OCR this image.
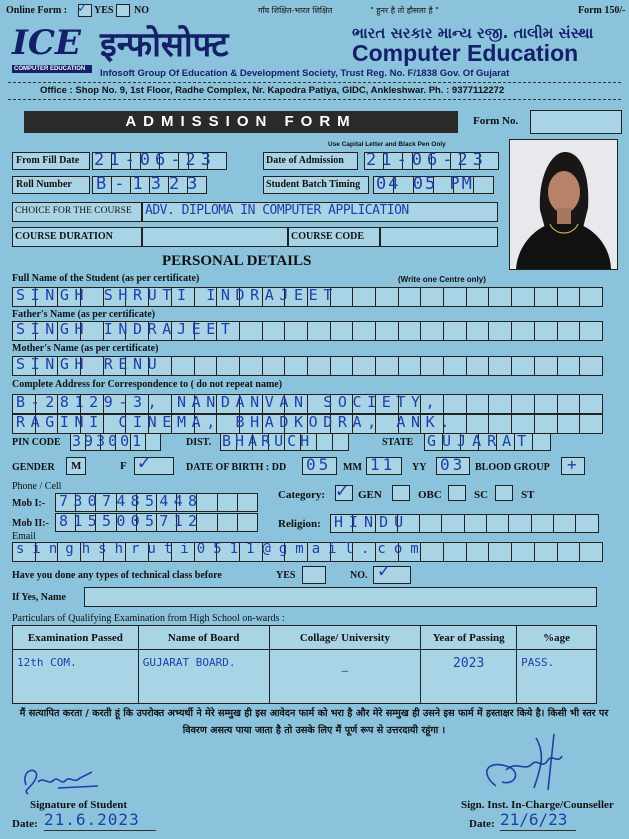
Online Form : ✓ YES NO	गाँव शिक्षित-भारत शिक्षित	" हुनर है तो हौसला है "	Form 150/-
ICE
COMPUTER EDUCATION
इन्फोसोफ्ट	ભારત સરકાર માન્ય રજી. તાલીમ સંસ્થા
Computer Education
Infosoft Group Of Education & Development Society, Trust Reg. No. F/1838 Gov. Of Gujarat
Office : Shop No. 9, 1st Floor, Radhe Complex, Nr. Kapodra Patiya, GIDC, Ankleshwar. Ph. : 9377112272
ADMISSION FORM	Form No.
Use Capital Letter and Black Pen Only
From Fill Date 21-06-23	Date of Admission 21-06-23
Roll Number B-1323	Student Batch Timing 04 05 PM
CHOICE FOR THE COURSE ADV. DIPLOMA IN COMPUTER APPLICATION
COURSE DURATION	COURSE CODE
PERSONAL DETAILS
Full Name of the Student (as per certificate)	(Write one Centre only)
SINGH SHRUTI INDRAJEET
Father's Name (as per certificate)
SINGH INDRAJEET
Mother's Name (as per certificate)
SINGH RENU
Complete Address for Correspondence to ( do not repeat name)
B-28129-3, NANDANVAN SOCIETY,
RAGINI CINEMA, BHADKODRA, ANK.
PIN CODE 393001	DIST. BHARUCH	STATE GUJARAT
GENDER M	F ✓	DATE OF BIRTH : DD 05 MM 11 YY 03 BLOOD GROUP +
Phone / Cell
Mob I:- 7307485448
Mob II:- 8155005712
Category: ✓ GEN	OBC	SC	ST
Religion: HINDU
Email
singhshruti0511@gmail.com
Have you done any types of technical class before	YES	NO. ✓
If Yes, Name
Particulars of Qualifying Examination from High School on-wards :
Examination Passed	Name of Board	Collage/ University	Year of Passing	%age
12th COM.	GUJARAT BOARD.	–	2023	PASS.
मैं सत्यापित करता / करती हूं कि उपरोक्त अभ्यर्थी ने मेरे सम्मुख ही इस आवेदन फार्म को भरा है और मेरे सम्मुख ही उसने इस फार्म में हस्ताक्षर किये है। किसी भी स्तर पर विवरण असत्य पाया जाता है तो उसके लिए मैं पूर्ण रूप से उत्तरदायी रहूंगा ।
Signature of Student
Date: 21.6.2023
Sign. Inst. In-Charge/Counseller
Date: 21/6/23
